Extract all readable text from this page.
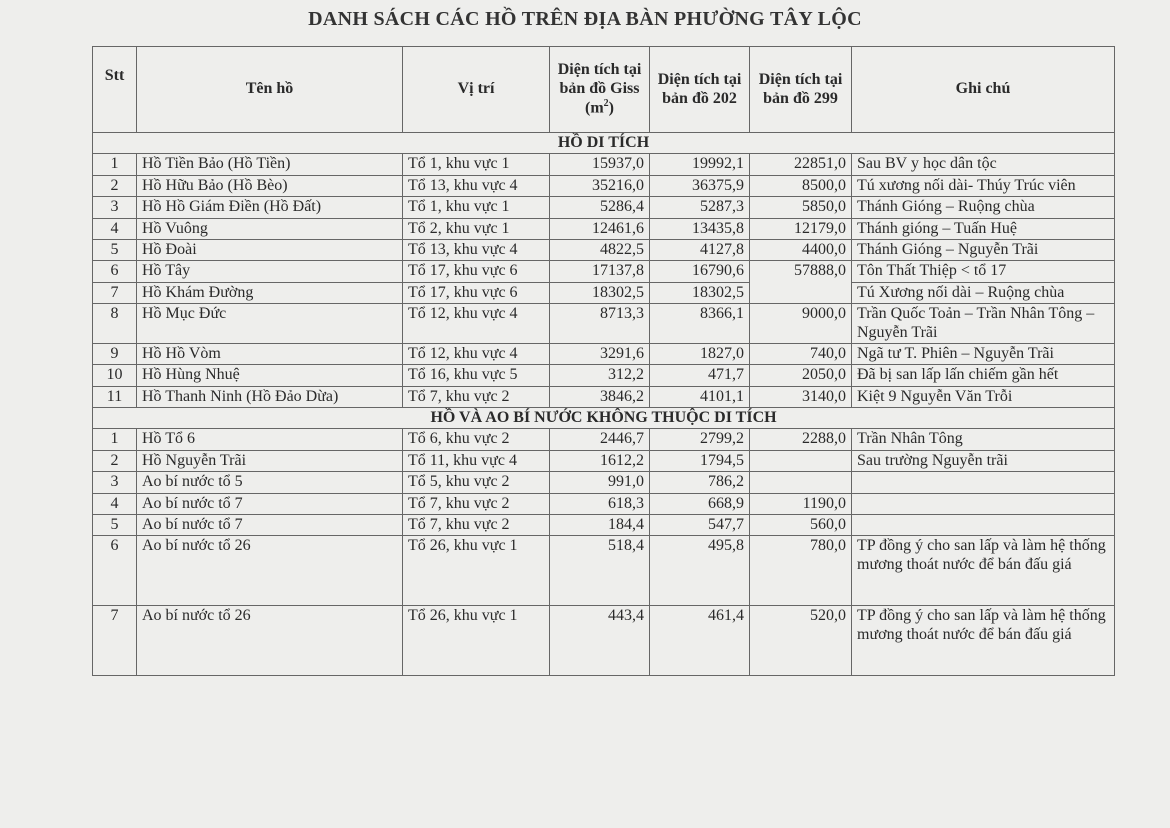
DANH SÁCH CÁC HỒ TRÊN ĐỊA BÀN PHƯỜNG TÂY LỘC
Stt	Tên hồ	Vị trí	Diện tích tại bản đồ Giss $(m^2)$	Diện tích tại bản đồ 202	Diện tích tại bản đồ 299	Ghi chú
HỒ DI TÍCH						
1	Hồ Tiền Bảo (Hồ Tiền)	Tổ 1, khu vực 1	15937,0	19992,1	22851,0	Sau BV y học dân tộc
2	Hồ Hữu Bảo (Hồ Bèo)	Tổ 13, khu vực 4	35216,0	36375,9	8500,0	Tú xương nối dài- Thúy Trúc viên
3	Hồ Hồ Giám Điền (Hồ Đất)	Tổ 1, khu vực 1	5286,4	5287,3	5850,0	Thánh Gióng – Ruộng chùa
4	Hồ Vuông	Tổ 2, khu vực 1	12461,6	13435,8	12179,0	Thánh gióng – Tuấn Huệ
5	Hồ Đoài	Tổ 13, khu vực 4	4822,5	4127,8	4400,0	Thánh Gióng – Nguyễn Trãi
6	Hồ Tây	Tổ 17, khu vực 6	17137,8	16790,6	57888,0	Tôn Thất Thiệp < tổ 17
7	Hồ Khám Đường	Tổ 17, khu vực 6	18302,5	18302,5		Tú Xương nối dài – Ruộng chùa
8	Hồ Mục Đức	Tổ 12, khu vực 4	8713,3	8366,1	9000,0	Trần Quốc Toản – Trần Nhân Tông – Nguyễn Trãi
9	Hồ Hồ Vòm	Tổ 12, khu vực 4	3291,6	1827,0	740,0	Ngã tư T. Phiên – Nguyễn Trãi
10	Hồ Hùng Nhuệ	Tổ 16, khu vực 5	312,2	471,7	2050,0	Đã bị san lấp lấn chiếm gần hết
11	Hồ Thanh Ninh (Hồ Đảo Dừa)	Tổ 7, khu vực 2	3846,2	4101,1	3140,0	Kiệt 9 Nguyễn Văn Trỗi
HỒ VÀ AO BÍ NƯỚC KHÔNG THUỘC DI TÍCH						
1	Hồ Tổ 6	Tổ 6, khu vực 2	2446,7	2799,2	2288,0	Trần Nhân Tông
2	Hồ Nguyễn Trãi	Tổ 11, khu vực 4	1612,2	1794,5		Sau trường Nguyễn trãi
3	Ao bí nước tổ 5	Tổ 5, khu vực 2	991,0	786,2		
4	Ao bí nước tổ 7	Tổ 7, khu vực 2	618,3	668,9	1190,0	
5	Ao bí nước tổ 7	Tổ 7, khu vực 2	184,4	547,7	560,0	
6	Ao bí nước tổ 26	Tổ 26, khu vực 1	518,4	495,8	780,0	TP đồng ý cho san lấp và làm hệ thống mương thoát nước để bán đấu giá
7	Ao bí nước tổ 26	Tổ 26, khu vực 1	443,4	461,4	520,0	TP đồng ý cho san lấp và làm hệ thống mương thoát nước để bán đấu giá
